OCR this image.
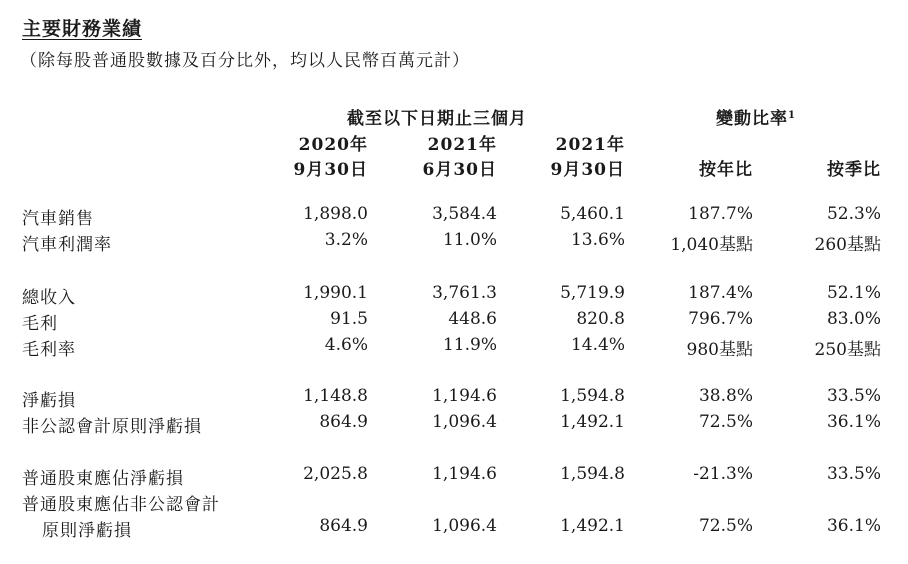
主要財務業績
（除每股普通股數據及百分比外，均以人民幣百萬元計）
截至以下日期止三個月	變動比率$^1$
2020年	2021年	2021年
9月30日	6月30日	9月30日	按年比	按季比
汽車銷售	1,898.0	3,584.4	5,460.1	187.7%	52.3%
汽車利潤率	3.2%	11.0%	13.6%	1,040基點	260基點
總收入	1,990.1	3,761.3	5,719.9	187.4%	52.1%
毛利	91.5	448.6	820.8	796.7%	83.0%
毛利率	4.6%	11.9%	14.4%	980基點	250基點
淨虧損	1,148.8	1,194.6	1,594.8	38.8%	33.5%
非公認會計原則淨虧損	864.9	1,096.4	1,492.1	72.5%	36.1%
普通股東應佔淨虧損	2,025.8	1,194.6	1,594.8	-21.3%	33.5%
普通股東應佔非公認會計
原則淨虧損	864.9	1,096.4	1,492.1	72.5%	36.1%
